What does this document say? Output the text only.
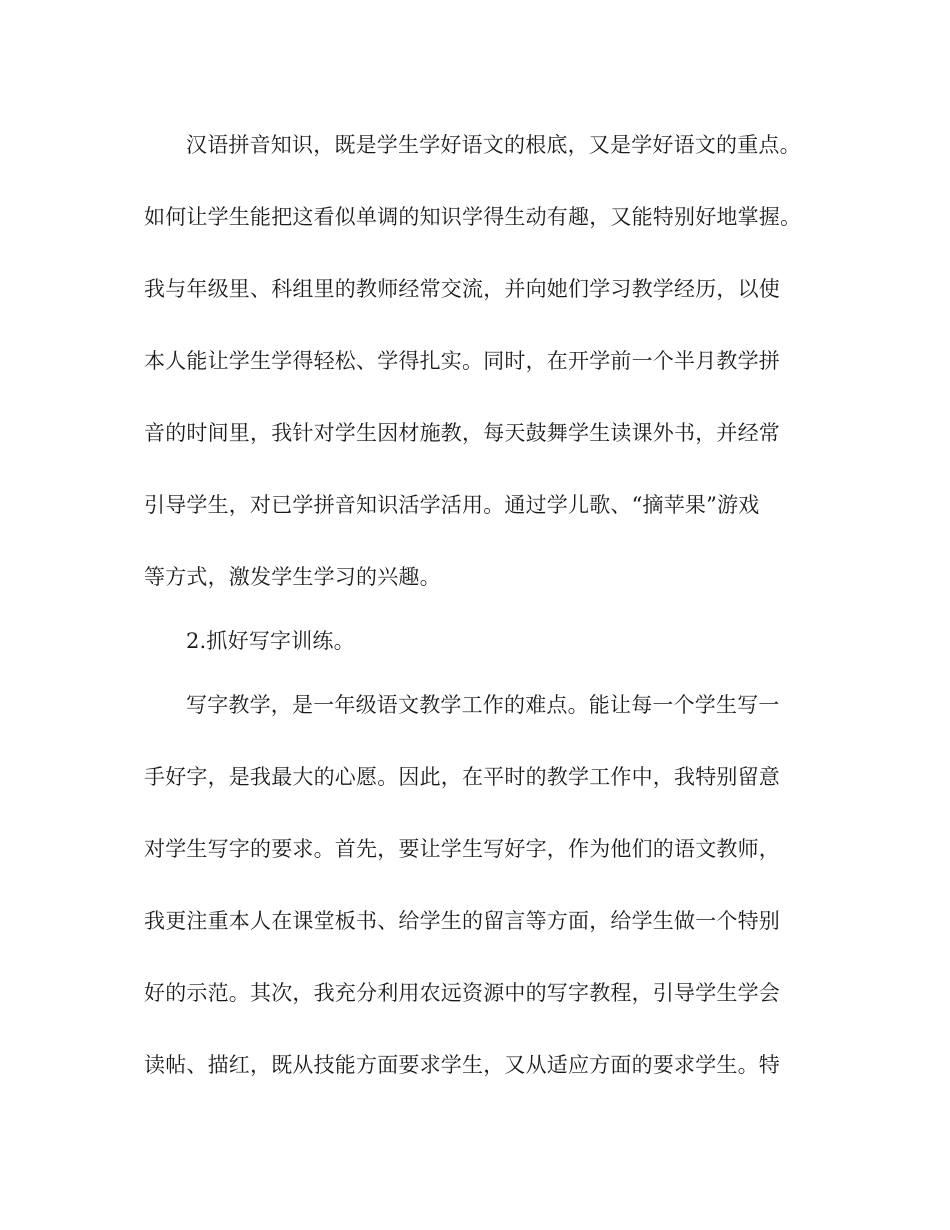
汉语拼音知识，既是学生学好语文的根底，又是学好语文的重点。
如何让学生能把这看似单调的知识学得生动有趣，又能特别好地掌握。
我与年级里、科组里的教师经常交流，并向她们学习教学经历，以使
本人能让学生学得轻松、学得扎实。同时，在开学前一个半月教学拼
音的时间里，我针对学生因材施教，每天鼓舞学生读课外书，并经常
引导学生，对已学拼音知识活学活用。通过学儿歌、“摘苹果”游戏
等方式，激发学生学习的兴趣。
2.抓好写字训练。
写字教学，是一年级语文教学工作的难点。能让每一个学生写一
手好字，是我最大的心愿。因此，在平时的教学工作中，我特别留意
对学生写字的要求。首先，要让学生写好字，作为他们的语文教师，
我更注重本人在课堂板书、给学生的留言等方面，给学生做一个特别
好的示范。其次，我充分利用农远资源中的写字教程，引导学生学会
读帖、描红，既从技能方面要求学生，又从适应方面的要求学生。特
